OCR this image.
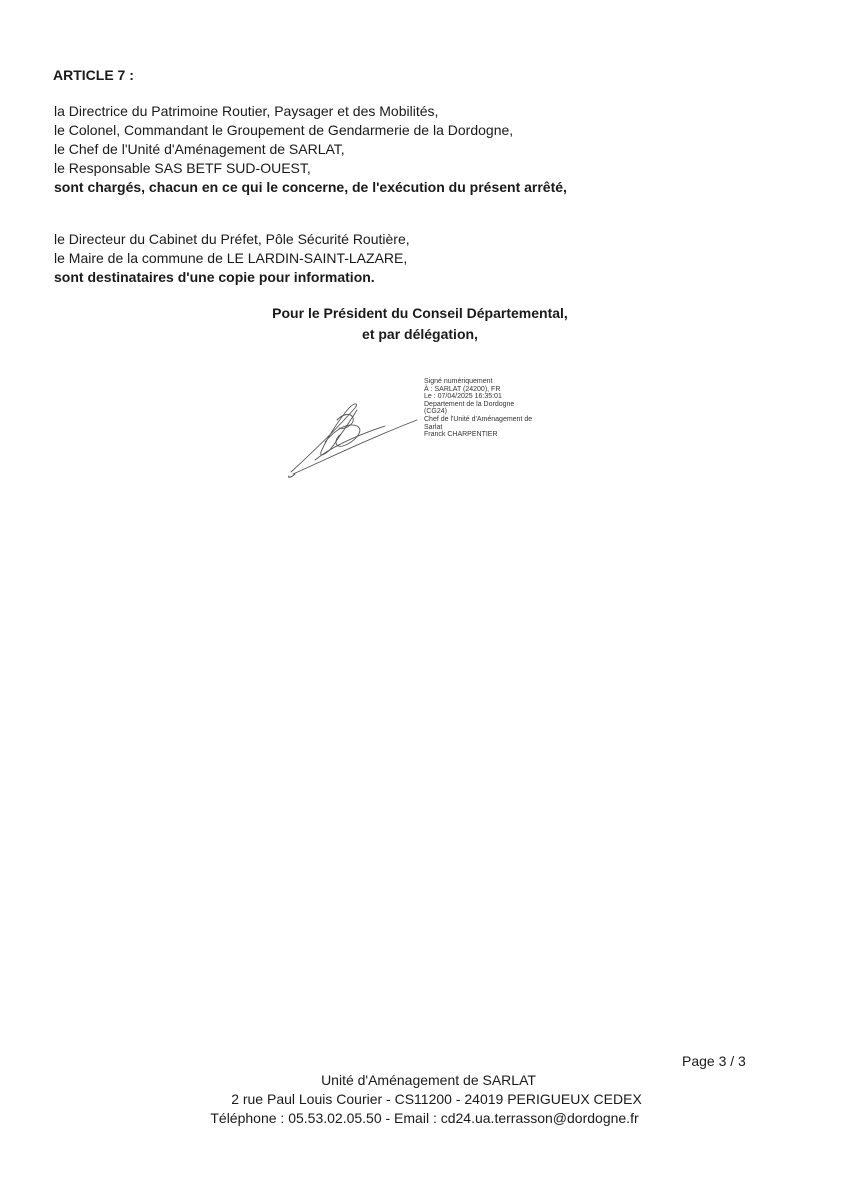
ARTICLE 7 :
la Directrice du Patrimoine Routier, Paysager et des Mobilités,
le Colonel, Commandant le Groupement de Gendarmerie de la Dordogne,
le Chef de l'Unité d'Aménagement de SARLAT,
le Responsable SAS BETF SUD-OUEST,
sont chargés, chacun en ce qui le concerne, de l'exécution du présent arrêté,
le Directeur du Cabinet du Préfet, Pôle Sécurité Routière,
le Maire de la commune de LE LARDIN-SAINT-LAZARE,
sont destinataires d'une copie pour information.
Pour le Président du Conseil Départemental,
et par délégation,
Signé numériquement
À : SARLAT (24200), FR
Le : 07/04/2025 16:35:01
Departement de la Dordogne
(CG24)
Chef de l'Unité d'Aménagement de
Sarlat
Franck CHARPENTIER
Page 3 / 3
Unité d'Aménagement de SARLAT
2 rue Paul Louis Courier - CS11200 - 24019 PERIGUEUX CEDEX
Téléphone : 05.53.02.05.50 - Email : cd24.ua.terrasson@dordogne.fr
